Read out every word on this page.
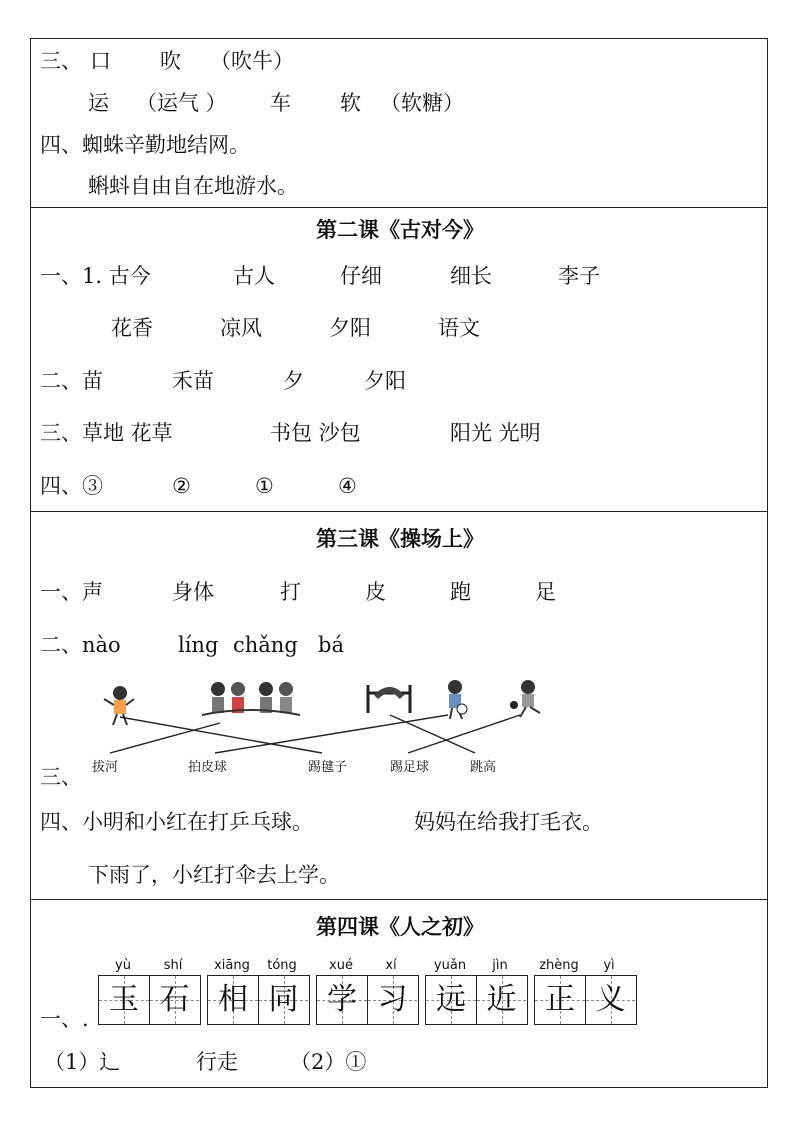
三、 口 吹 （吹牛）
运 （运气 ） 车 软 （软糖）
四、蜘蛛辛勤地结网。
蝌蚪自由自在地游水。
第二课《古对今》
一、1. 古今	古人	仔细	细长	李子
花香	凉风	夕阳	语文
二、苗	禾苗	夕	夕阳
三、草地 花草	书包 沙包	阳光 光明
四、③	②	①	④
第三课《操场上》
一、声	身体	打	皮	跑	足
二、nào	líng chǎng bá
拔河	拍皮球	踢毽子	踢足球	跳高
三、
四、小明和小红在打乒乓球。	妈妈在给我打毛衣。
下雨了，小红打伞去上学。
第四课《人之初》
yù	shí	xiāng	tóng	xué	xí	yuǎn	jìn	zhèng	yì
玉 石 相 同 学 习 远 近 正 义
一、.
（1）辶	行走 （2）①
